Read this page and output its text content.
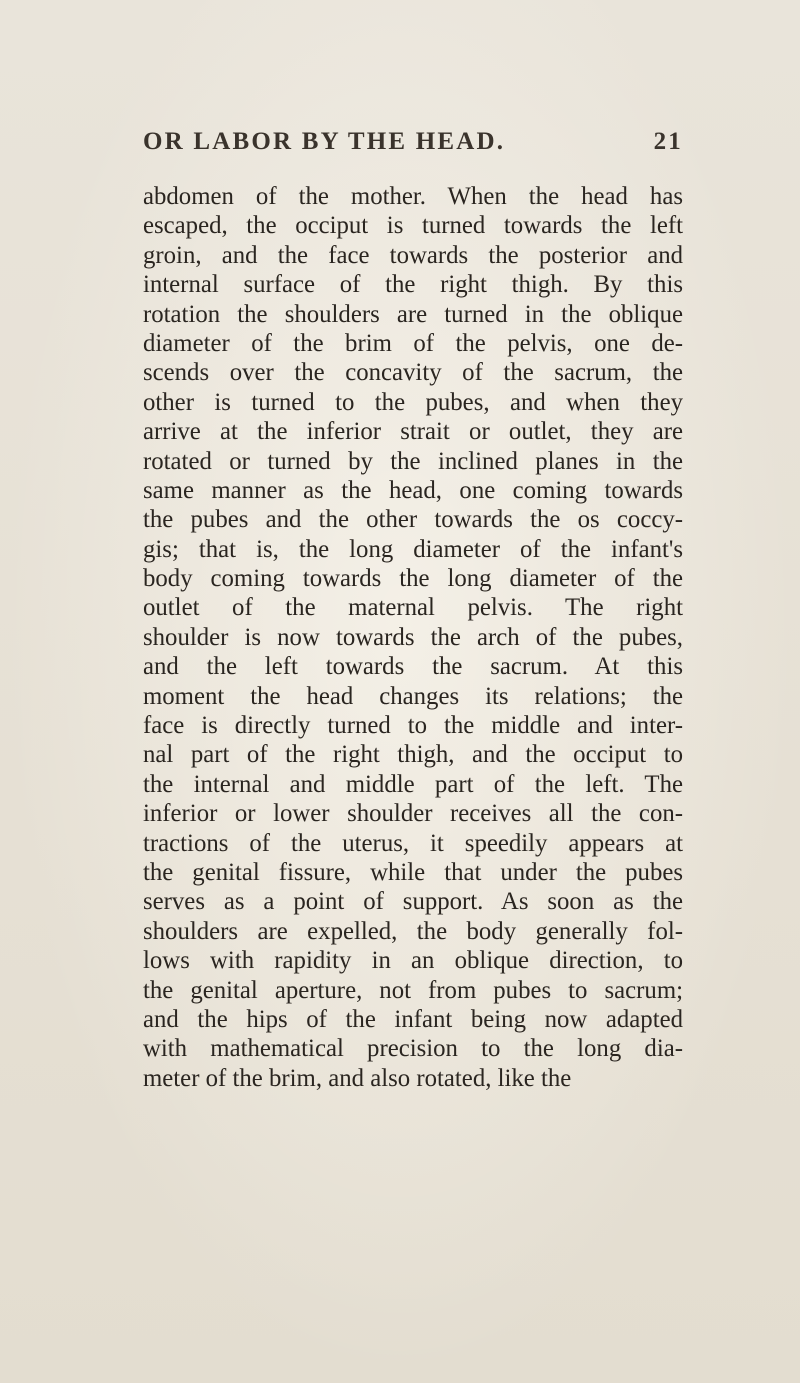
OR LABOR BY THE HEAD.	21
abdomen of the mother. When the head has
escaped, the occiput is turned towards the left
groin, and the face towards the posterior and
internal surface of the right thigh. By this
rotation the shoulders are turned in the oblique
diameter of the brim of the pelvis, one de-
scends over the concavity of the sacrum, the
other is turned to the pubes, and when they
arrive at the inferior strait or outlet, they are
rotated or turned by the inclined planes in the
same manner as the head, one coming towards
the pubes and the other towards the os coccy-
gis; that is, the long diameter of the infant's
body coming towards the long diameter of the
outlet of the maternal pelvis. The right
shoulder is now towards the arch of the pubes,
and the left towards the sacrum. At this
moment the head changes its relations; the
face is directly turned to the middle and inter-
nal part of the right thigh, and the occiput to
the internal and middle part of the left. The
inferior or lower shoulder receives all the con-
tractions of the uterus, it speedily appears at
the genital fissure, while that under the pubes
serves as a point of support. As soon as the
shoulders are expelled, the body generally fol-
lows with rapidity in an oblique direction, to
the genital aperture, not from pubes to sacrum;
and the hips of the infant being now adapted
with mathematical precision to the long dia-
meter of the brim, and also rotated, like the
